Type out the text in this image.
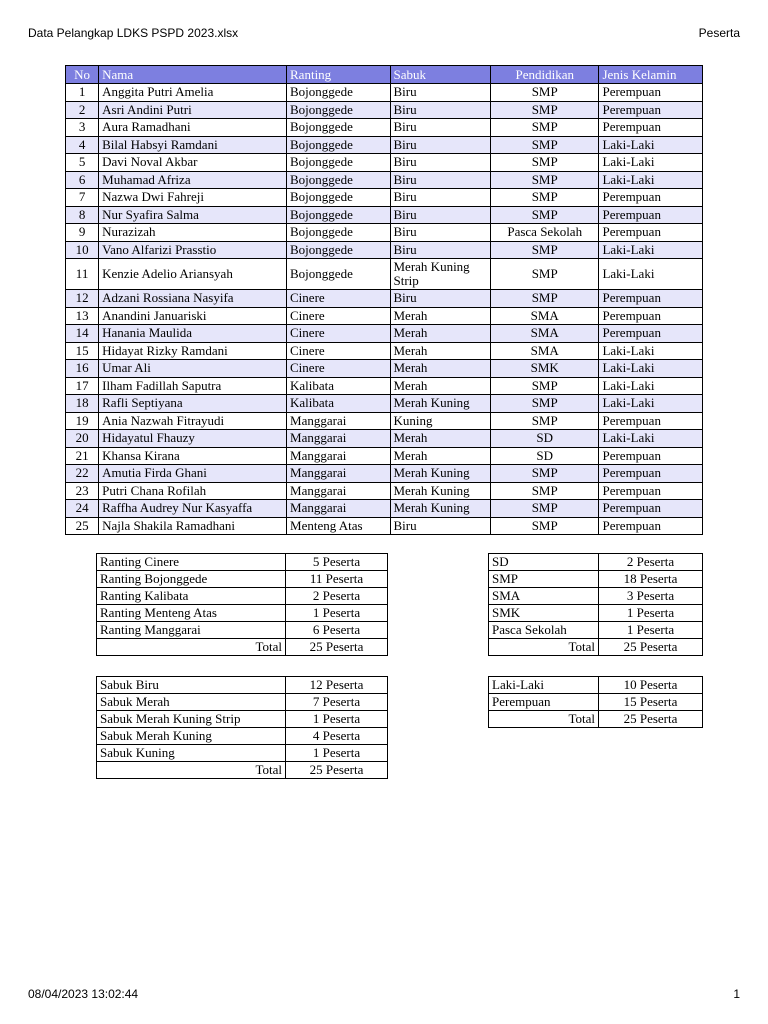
Data Pelangkap LDKS PSPD 2023.xlsx	Peserta
No	Nama	Ranting	Sabuk	Pendidikan	Jenis Kelamin
1	Anggita Putri Amelia	Bojonggede	Biru	SMP	Perempuan
2	Asri Andini Putri	Bojonggede	Biru	SMP	Perempuan
3	Aura Ramadhani	Bojonggede	Biru	SMP	Perempuan
4	Bilal Habsyi Ramdani	Bojonggede	Biru	SMP	Laki-Laki
5	Davi Noval Akbar	Bojonggede	Biru	SMP	Laki-Laki
6	Muhamad Afriza	Bojonggede	Biru	SMP	Laki-Laki
7	Nazwa Dwi Fahreji	Bojonggede	Biru	SMP	Perempuan
8	Nur Syafira Salma	Bojonggede	Biru	SMP	Perempuan
9	Nurazizah	Bojonggede	Biru	Pasca Sekolah	Perempuan
10	Vano Alfarizi Prasstio	Bojonggede	Biru	SMP	Laki-Laki
11	Kenzie Adelio Ariansyah	Bojonggede	Merah Kuning Strip	SMP	Laki-Laki
12	Adzani Rossiana Nasyifa	Cinere	Biru	SMP	Perempuan
13	Anandini Januariski	Cinere	Merah	SMA	Perempuan
14	Hanania Maulida	Cinere	Merah	SMA	Perempuan
15	Hidayat Rizky Ramdani	Cinere	Merah	SMA	Laki-Laki
16	Umar Ali	Cinere	Merah	SMK	Laki-Laki
17	Ilham Fadillah Saputra	Kalibata	Merah	SMP	Laki-Laki
18	Rafli Septiyana	Kalibata	Merah Kuning	SMP	Laki-Laki
19	Ania Nazwah Fitrayudi	Manggarai	Kuning	SMP	Perempuan
20	Hidayatul Fhauzy	Manggarai	Merah	SD	Laki-Laki
21	Khansa Kirana	Manggarai	Merah	SD	Perempuan
22	Amutia Firda Ghani	Manggarai	Merah Kuning	SMP	Perempuan
23	Putri Chana Rofilah	Manggarai	Merah Kuning	SMP	Perempuan
24	Raffha Audrey Nur Kasyaffa	Manggarai	Merah Kuning	SMP	Perempuan
25	Najla Shakila Ramadhani	Menteng Atas	Biru	SMP	Perempuan
Ranting Cinere	5 Peserta
Ranting Bojonggede	11 Peserta
Ranting Kalibata	2 Peserta
Ranting Menteng Atas	1 Peserta
Ranting Manggarai	6 Peserta
Total	25 Peserta
SD	2 Peserta
SMP	18 Peserta
SMA	3 Peserta
SMK	1 Peserta
Pasca Sekolah	1 Peserta
Total	25 Peserta
Sabuk Biru	12 Peserta
Sabuk Merah	7 Peserta
Sabuk Merah Kuning Strip	1 Peserta
Sabuk Merah Kuning	4 Peserta
Sabuk Kuning	1 Peserta
Total	25 Peserta
Laki-Laki	10 Peserta
Perempuan	15 Peserta
Total	25 Peserta
08/04/2023 13:02:44	1
